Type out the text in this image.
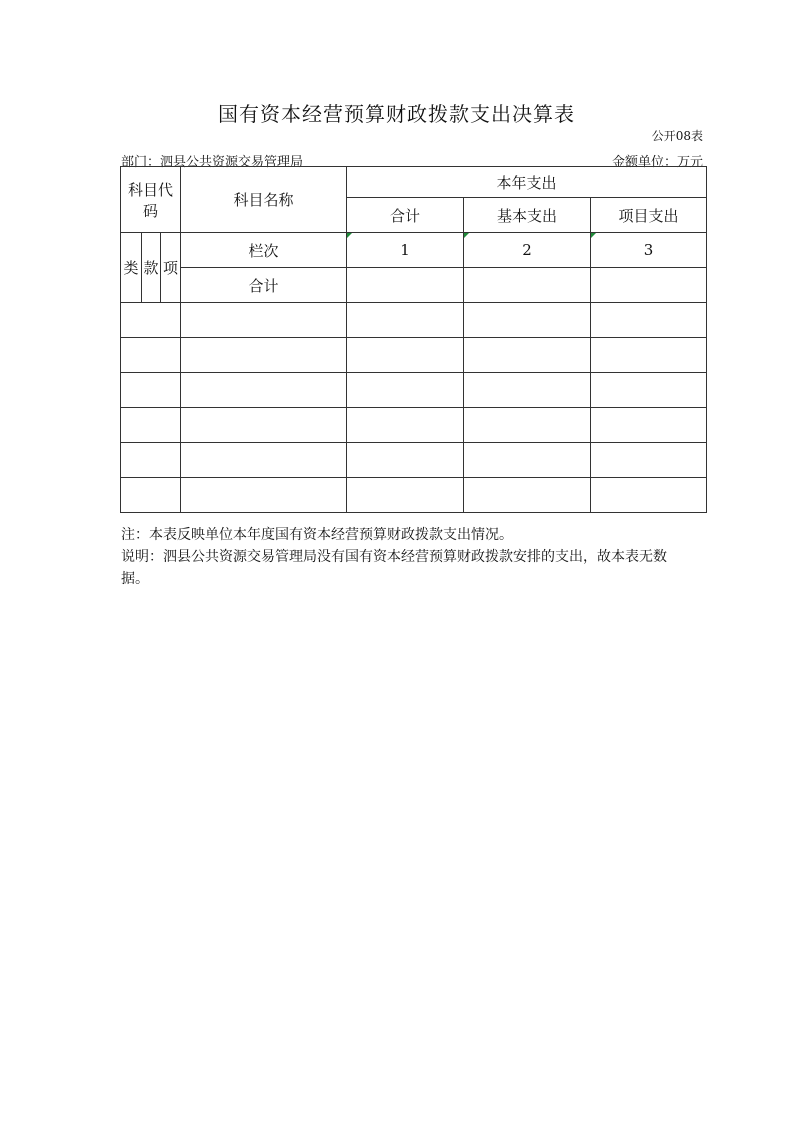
国有资本经营预算财政拨款支出决算表
公开08表
部门：泗县公共资源交易管理局	金额单位：万元
科目代码			科目名称	本年支出		
				合计	基本支出	项目支出
类	款	项	栏次	1	2	3
			合计			

注：本表反映单位本年度国有资本经营预算财政拨款支出情况。

说明：泗县公共资源交易管理局没有国有资本经营预算财政拨款安排的支出，故本表无数据。
